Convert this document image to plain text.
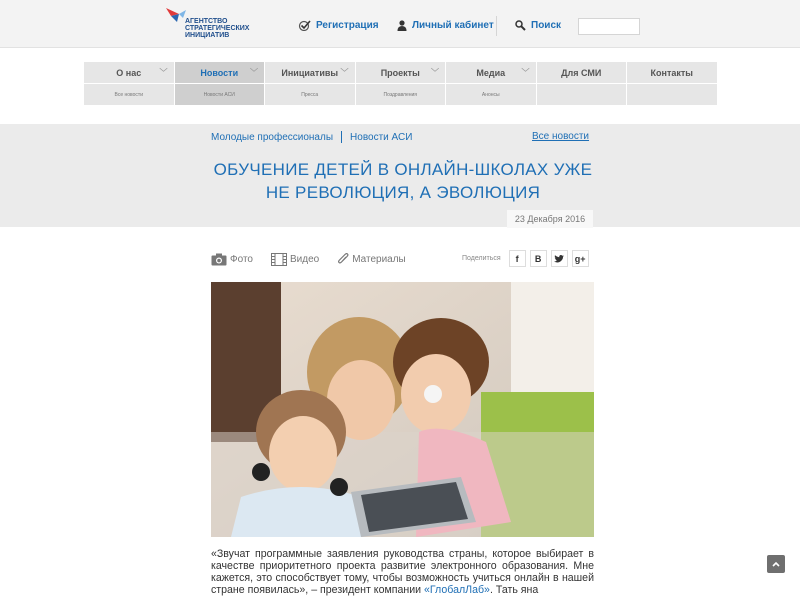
АГЕНТСТВО
СТРАТЕГИЧЕСКИХ
ИНИЦИАТИВ
Регистрация	Личный кабинет	Поиск
О нас ﹀	Новости ﹀	Инициативы ﹀	Проекты ﹀	Медиа ﹀	Для СМИ	Контакты
Все новости	Новости АСИ	Пресса	Поздравления	Анонсы
Молодые профессионалы Новости АСИ	Все новости
ОБУЧЕНИЕ ДЕТЕЙ В ОНЛАЙН-ШКОЛАХ УЖЕ НЕ РЕВОЛЮЦИЯ, А ЭВОЛЮЦИЯ
23 Декабря 2016
Фото	Видео	Материалы	Поделиться	f	B	g+
«Звучат программные заявления руководства страны, которое выбирает в качестве приоритетного проекта развитие электронного образования. Мне кажется, это способствует тому, чтобы возможность учиться онлайн в нашей стране появилась», – президент компании «ГлобалЛаб». Тать яна
